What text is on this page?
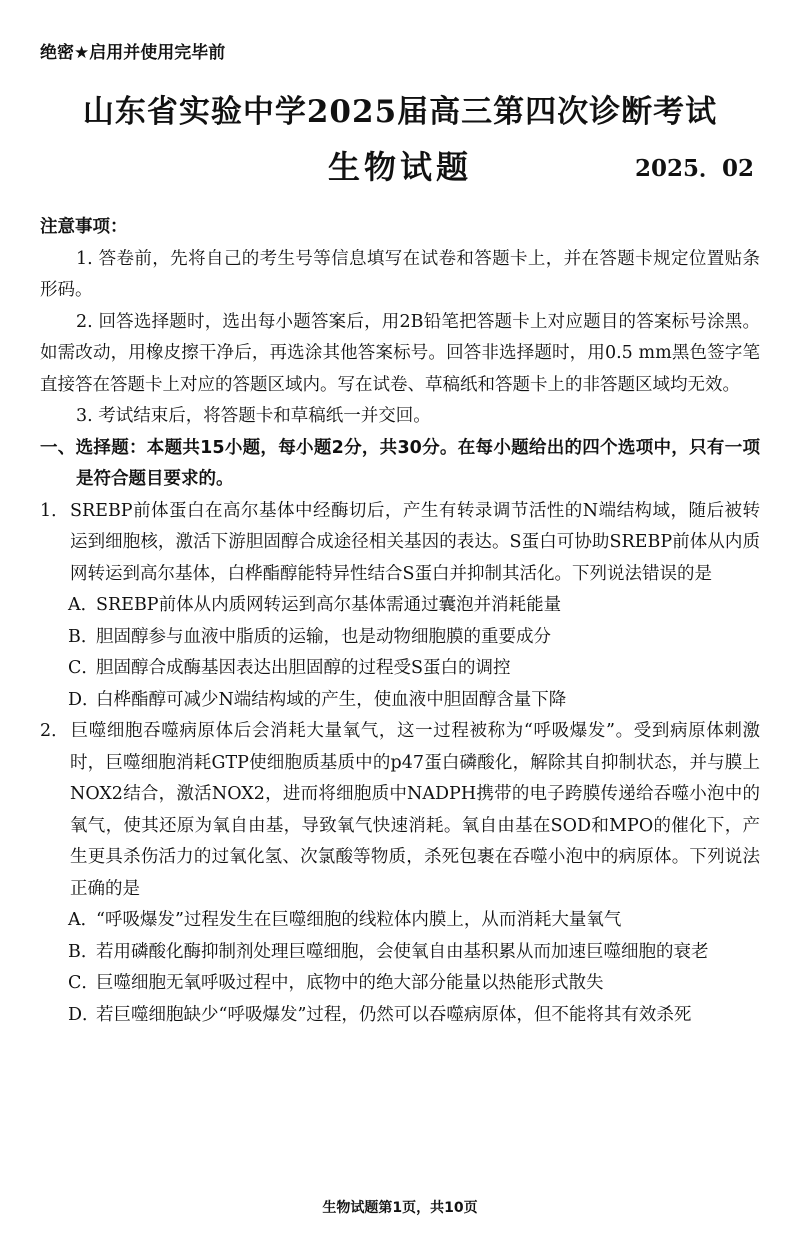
绝密★启用并使用完毕前
山东省实验中学2025届高三第四次诊断考试
生物试题	2025．02

注意事项：

1. 答卷前，先将自己的考生号等信息填写在试卷和答题卡上，并在答题卡规定位置贴条形码。

2. 回答选择题时，选出每小题答案后，用2B铅笔把答题卡上对应题目的答案标号涂黑。如需改动，用橡皮擦干净后，再选涂其他答案标号。回答非选择题时，用0.5 mm黑色签字笔直接答在答题卡上对应的答题区域内。写在试卷、草稿纸和答题卡上的非答题区域均无效。

3. 考试结束后，将答题卡和草稿纸一并交回。

一、选择题：本题共15小题，每小题2分，共30分。在每小题给出的四个选项中，只有一项是符合题目要求的。

1．SREBP前体蛋白在高尔基体中经酶切后，产生有转录调节活性的N端结构域，随后被转运到细胞核，激活下游胆固醇合成途径相关基因的表达。S蛋白可协助SREBP前体从内质网转运到高尔基体，白桦酯醇能特异性结合S蛋白并抑制其活化。下列说法错误的是

A．SREBP前体从内质网转运到高尔基体需通过囊泡并消耗能量

B．胆固醇参与血液中脂质的运输，也是动物细胞膜的重要成分

C．胆固醇合成酶基因表达出胆固醇的过程受S蛋白的调控

D．白桦酯醇可减少N端结构域的产生，使血液中胆固醇含量下降

2．巨噬细胞吞噬病原体后会消耗大量氧气，这一过程被称为“呼吸爆发”。受到病原体刺激时，巨噬细胞消耗GTP使细胞质基质中的p47蛋白磷酸化，解除其自抑制状态，并与膜上NOX2结合，激活NOX2，进而将细胞质中NADPH携带的电子跨膜传递给吞噬小泡中的氧气，使其还原为氧自由基，导致氧气快速消耗。氧自由基在SOD和MPO的催化下，产生更具杀伤活力的过氧化氢、次氯酸等物质，杀死包裹在吞噬小泡中的病原体。下列说法正确的是

A．“呼吸爆发”过程发生在巨噬细胞的线粒体内膜上，从而消耗大量氧气

B．若用磷酸化酶抑制剂处理巨噬细胞，会使氧自由基积累从而加速巨噬细胞的衰老

C．巨噬细胞无氧呼吸过程中，底物中的绝大部分能量以热能形式散失

D．若巨噬细胞缺少“呼吸爆发”过程，仍然可以吞噬病原体，但不能将其有效杀死

生物试题第1页，共10页
